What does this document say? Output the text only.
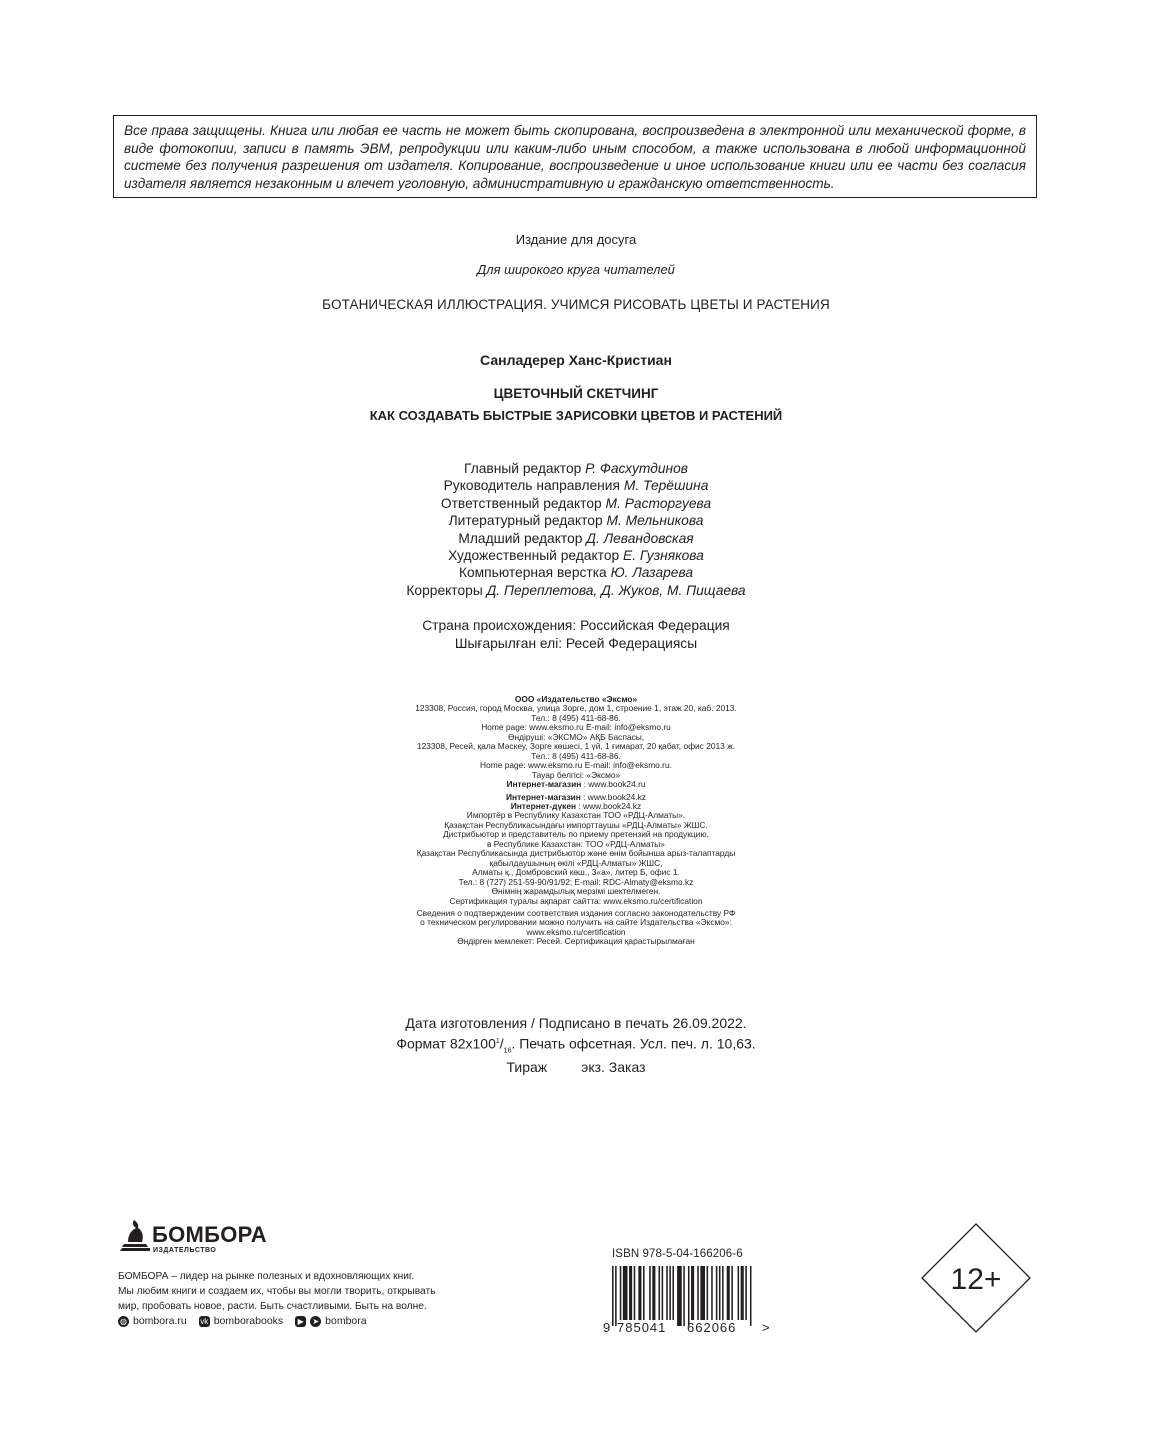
Все права защищены. Книга или любая ее часть не может быть скопирована, воспроизведена в электронной или механической форме, в виде фотокопии, записи в память ЭВМ, репродукции или каким-либо иным способом, а также использована в любой информационной системе без получения разрешения от издателя. Копирование, воспроизведение и иное использование книги или ее части без согласия издателя является незаконным и влечет уголовную, административную и гражданскую ответственность.

Издание для досуга
Для широкого круга читателей
БОТАНИЧЕСКАЯ ИЛЛЮСТРАЦИЯ. УЧИМСЯ РИСОВАТЬ ЦВЕТЫ И РАСТЕНИЯ
Санладерер Ханс-Кристиан
ЦВЕТОЧНЫЙ СКЕТЧИНГ
КАК СОЗДАВАТЬ БЫСТРЫЕ ЗАРИСОВКИ ЦВЕТОВ И РАСТЕНИЙ
Главный редактор Р. Фасхутдинов
Руководитель направления М. Терёшина
Ответственный редактор М. Расторгуева
Литературный редактор М. Мельникова
Младший редактор Д. Левандовская
Художественный редактор Е. Гузнякова
Компьютерная верстка Ю. Лазарева
Корректоры Д. Переплетова, Д. Жуков, М. Пищаева
Страна происхождения: Российская Федерация
Шығарылған елі: Ресей Федерациясы
ООО «Издательство «Эксмо»
123308, Россия, город Москва, улица Зорге, дом 1, строение 1, этаж 20, каб. 2013.
Тел.: 8 (495) 411-68-86.
Home page: www.eksmo.ru E-mail: info@eksmo.ru
Өндіруші: «ЭКСМО» АҚБ Баспасы,
123308, Ресей, қала Мәскеу, Зорге көшесі, 1 үй, 1 ғимарат, 20 қабат, офис 2013 ж.
Тел.: 8 (495) 411-68-86.
Home page: www.eksmo.ru E-mail: info@eksmo.ru.
Тауар белгісі: «Эксмо»
Интернет-магазин : www.book24.ru
Интернет-магазин : www.book24.kz
Интернет-дүкен : www.book24.kz
Импортёр в Республику Казахстан ТОО «РДЦ-Алматы».
Қазақстан Республикасындағы импорттаушы «РДЦ-Алматы» ЖШС.
Дистрибьютор и представитель по приему претензий на продукцию,
в Республике Казахстан: ТОО «РДЦ-Алматы»
Қазақстан Республикасында дистрибьютор және өнім бойынша арыз-талаптарды
қабылдаушының өкілі «РДЦ-Алматы» ЖШС,
Алматы қ., Домбровский көш., 3«а», литер Б, офис 1.
Тел.: 8 (727) 251-59-90/91/92; E-mail: RDC-Almaty@eksmo.kz
Өнімнің жарамдылық мерзімі шектелмеген.
Сертификация туралы ақпарат сайтта: www.eksmo.ru/certification
Сведения о подтверждении соответствия издания согласно законодательству РФ
о техническом регулировании можно получить на сайте Издательства «Эксмо»:
www.eksmo.ru/certification
Өндірген мемлекет: Ресей. Сертификация қарастырылмаған
Дата изготовления / Подписано в печать 26.09.2022.
Формат $82х100^1/_{16}$. Печать офсетная. Усл. печ. л. 10,63.
Тираж экз. Заказ
БОМБОРА
ИЗДАТЕЛЬСТВО
БОМБОРА – лидер на рынке полезных и вдохновляющих книг.
Мы любим книги и создаем их, чтобы вы могли творить, открывать
мир, пробовать новое, расти. Быть счастливыми. Быть на волне.
◍ bombora.ru vk bomborabooks	▶	➤ bombora
ISBN 978-5-04-166206-6
9 785041 662066 >
12+
